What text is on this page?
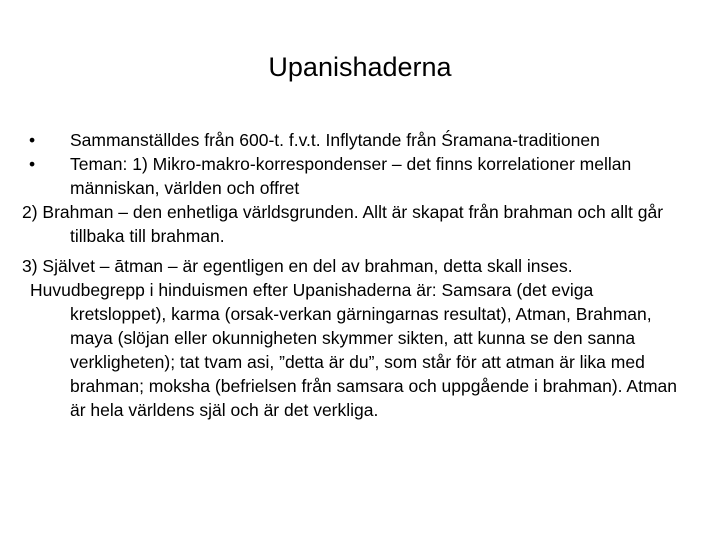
Upanishaderna
• Sammanställdes från 600-t. f.v.t. Inflytande från Śramana-traditionen
• Teman: 1) Mikro-makro-korrespondenser – det finns korrelationer mellan människan, världen och offret
2) Brahman – den enhetliga världsgrunden. Allt är skapat från brahman och allt går tillbaka till brahman.
3) Självet – ātman – är egentligen en del av brahman, detta skall inses.
Huvudbegrepp i hinduismen efter Upanishaderna är: Samsara (det eviga kretsloppet), karma (orsak-verkan gärningarnas resultat), Atman, Brahman, maya (slöjan eller okunnigheten skymmer sikten, att kunna se den sanna verkligheten); tat tvam asi, ”detta är du”, som står för att atman är lika med brahman; moksha (befrielsen från samsara och uppgående i brahman). Atman är hela världens själ och är det verkliga.
